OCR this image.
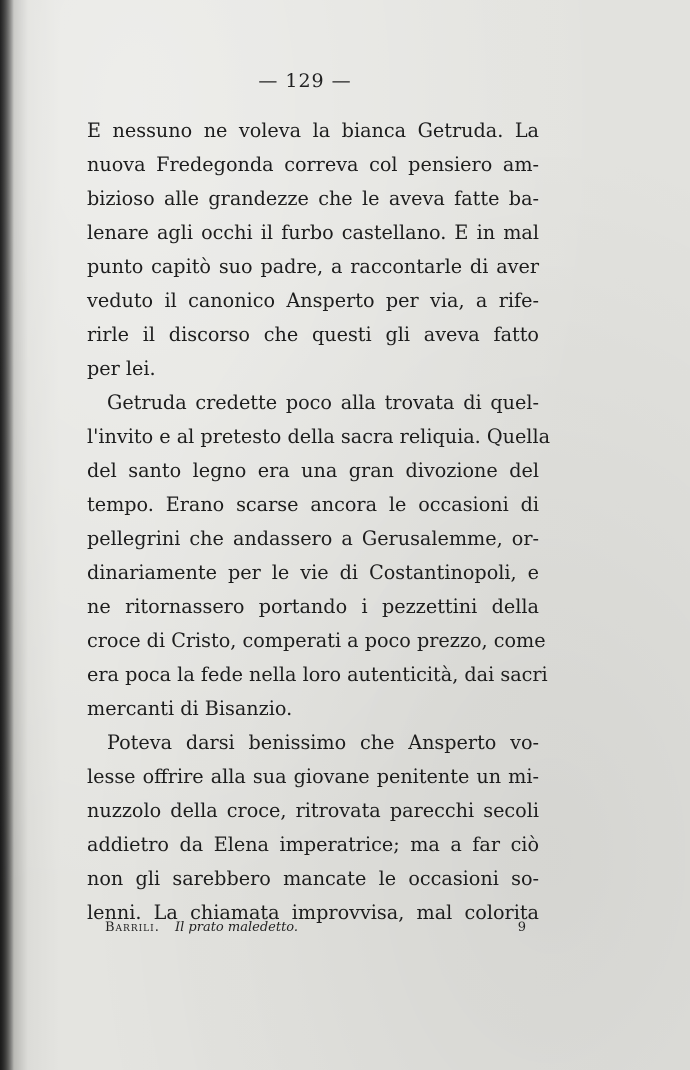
— 129 —
E nessuno ne voleva la bianca Getruda. La
nuova Fredegonda correva col pensiero am-
bizioso alle grandezze che le aveva fatte ba-
lenare agli occhi il furbo castellano. E in mal
punto capitò suo padre, a raccontarle di aver
veduto il canonico Ansperto per via, a rife-
rirle il discorso che questi gli aveva fatto
per lei.
Getruda credette poco alla trovata di quel-
l'invito e al pretesto della sacra reliquia. Quella
del santo legno era una gran divozione del
tempo. Erano scarse ancora le occasioni di
pellegrini che andassero a Gerusalemme, or-
dinariamente per le vie di Costantinopoli, e
ne ritornassero portando i pezzettini della
croce di Cristo, comperati a poco prezzo, come
era poca la fede nella loro autenticità, dai sacri
mercanti di Bisanzio.
Poteva darsi benissimo che Ansperto vo-
lesse offrire alla sua giovane penitente un mi-
nuzzolo della croce, ritrovata parecchi secoli
addietro da Elena imperatrice; ma a far ciò
non gli sarebbero mancate le occasioni so-
lenni. La chiamata improvvisa, mal colorita
Barrili. Il prato maledetto.	9
